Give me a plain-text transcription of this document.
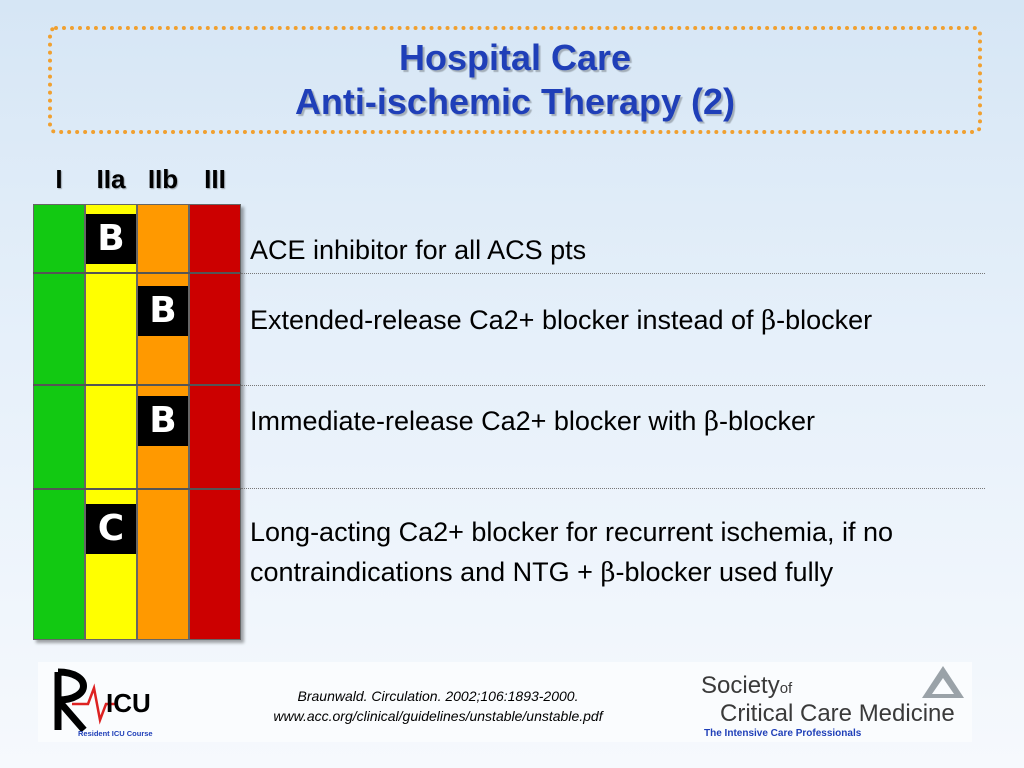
Hospital Care
Anti-ischemic Therapy (2)
I	IIa IIb III
B
B
B
C
ACE inhibitor for all ACS pts
Extended-release Ca2+ blocker instead of β-blocker
Immediate-release Ca2+ blocker with β-blocker
Long-acting Ca2+ blocker for recurrent ischemia, if no contraindications and NTG + β-blocker used fully
ICU
Resident ICU Course
Braunwald. Circulation. 2002;106:1893-2000.
www.acc.org/clinical/guidelines/unstable/unstable.pdf
Societyof
Critical Care Medicine
The Intensive Care Professionals
